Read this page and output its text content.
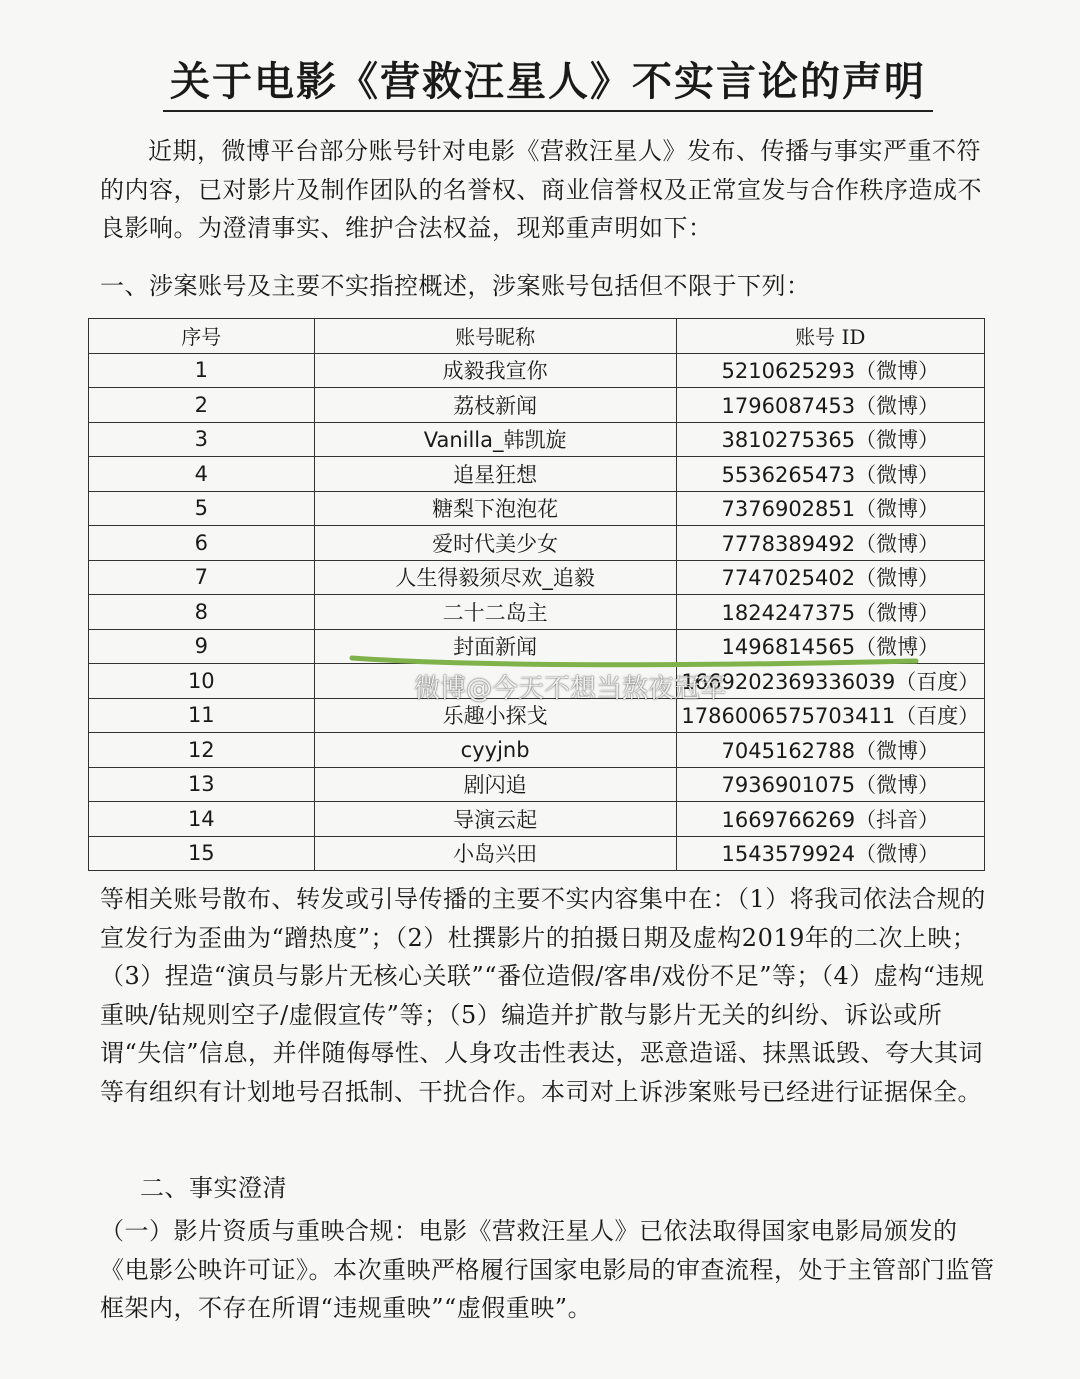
关于电影《营救汪星人》不实言论的声明
近期，微博平台部分账号针对电影《营救汪星人》发布、传播与事实严重不符的内容，已对影片及制作团队的名誉权、商业信誉权及正常宣发与合作秩序造成不良影响。为澄清事实、维护合法权益，现郑重声明如下：
一、涉案账号及主要不实指控概述，涉案账号包括但不限于下列：
序号	账号昵称	账号 ID
1	成毅我宣你	5210625293（微博）
2	荔枝新闻	1796087453（微博）
3	Vanilla_韩凯旋	3810275365（微博）
4	追星狂想	5536265473（微博）
5	糖梨下泡泡花	7376902851（微博）
6	爱时代美少女	7778389492（微博）
7	人生得毅须尽欢_追毅	7747025402（微博）
8	二十二岛主	1824247375（微博）
9	封面新闻	1496814565（微博）
10		1669202369336039（百度）
11	乐趣小探戈	1786006575703411（百度）
12	cyyjnb	7045162788（微博）
13	剧闪追	7936901075（微博）
14	导演云起	1669766269（抖音）
15	小岛兴田	1543579924（微博）
微博@今天不想当熬夜冠军
等相关账号散布、转发或引导传播的主要不实内容集中在：（1）将我司依法合规的宣发行为歪曲为“蹭热度”；（2）杜撰影片的拍摄日期及虚构2019年的二次上映；（3）捏造“演员与影片无核心关联”“番位造假/客串/戏份不足”等；（4）虚构“违规重映/钻规则空子/虚假宣传”等；（5）编造并扩散与影片无关的纠纷、诉讼或所谓“失信”信息，并伴随侮辱性、人身攻击性表达，恶意造谣、抹黑诋毁、夸大其词等有组织有计划地号召抵制、干扰合作。本司对上诉涉案账号已经进行证据保全。
二、事实澄清
（一）影片资质与重映合规：电影《营救汪星人》已依法取得国家电影局颁发的《电影公映许可证》。本次重映严格履行国家电影局的审查流程，处于主管部门监管框架内，不存在所谓“违规重映”“虚假重映”。
